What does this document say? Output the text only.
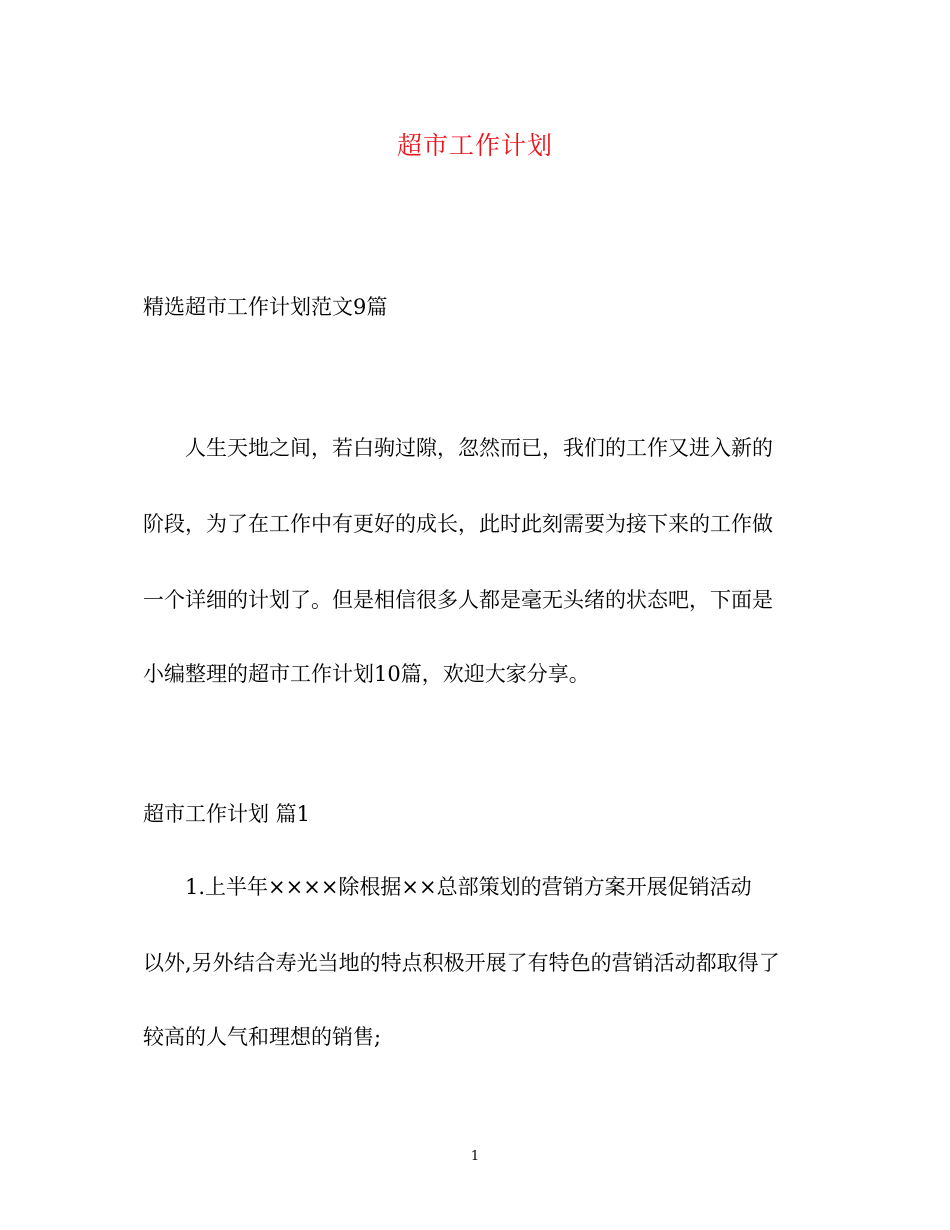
超市工作计划
精选超市工作计划范文9篇
人生天地之间，若白驹过隙，忽然而已，我们的工作又进入新的
阶段，为了在工作中有更好的成长，此时此刻需要为接下来的工作做
一个详细的计划了。但是相信很多人都是毫无头绪的状态吧，下面是
小编整理的超市工作计划10篇，欢迎大家分享。
超市工作计划 篇1
1.上半年××××除根据××总部策划的营销方案开展促销活动
以外,另外结合寿光当地的特点积极开展了有特色的营销活动都取得了
较高的人气和理想的销售;
1
